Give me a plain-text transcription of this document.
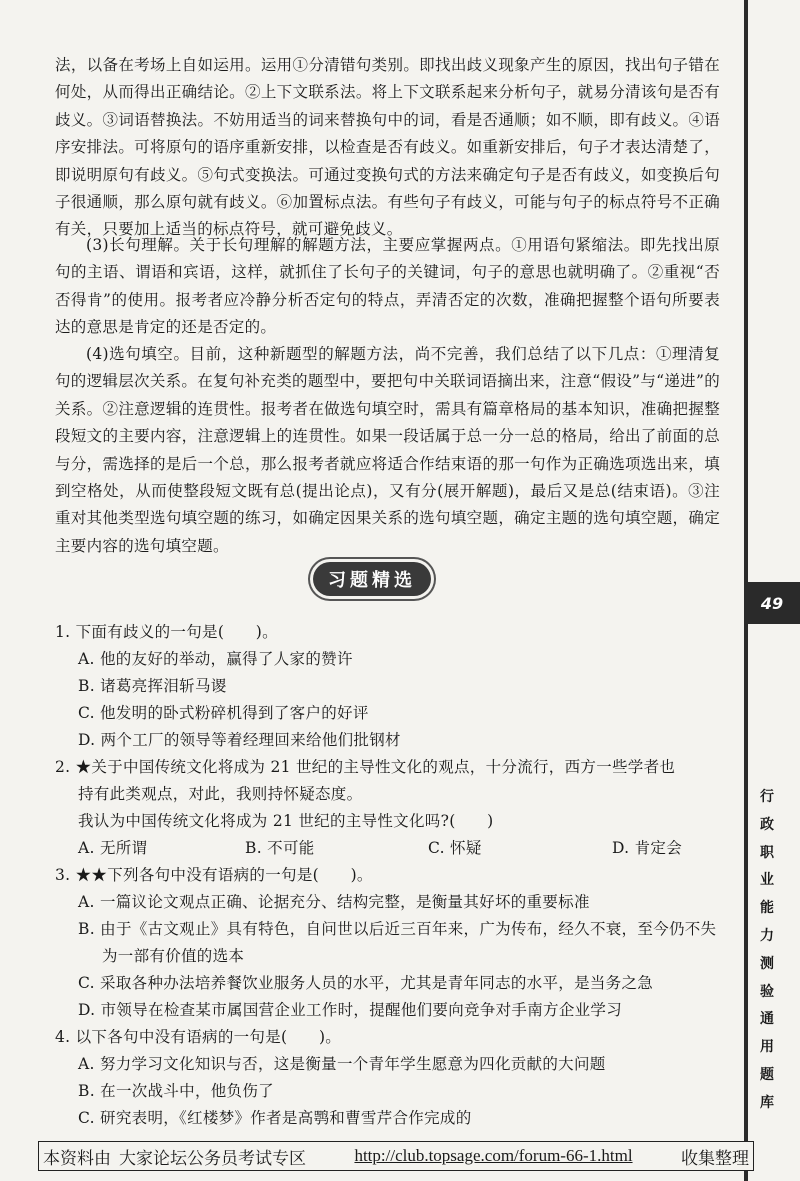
法，以备在考场上自如运用。运用①分清错句类别。即找出歧义现象产生的原因，找出句子错在何处，从而得出正确结论。②上下文联系法。将上下文联系起来分析句子，就易分清该句是否有歧义。③词语替换法。不妨用适当的词来替换句中的词，看是否通顺；如不顺，即有歧义。④语序安排法。可将原句的语序重新安排，以检查是否有歧义。如重新安排后，句子才表达清楚了，即说明原句有歧义。⑤句式变换法。可通过变换句式的方法来确定句子是否有歧义，如变换后句子很通顺，那么原句就有歧义。⑥加置标点法。有些句子有歧义，可能与句子的标点符号不正确有关，只要加上适当的标点符号，就可避免歧义。
(3)长句理解。关于长句理解的解题方法，主要应掌握两点。①用语句紧缩法。即先找出原句的主语、谓语和宾语，这样，就抓住了长句子的关键词，句子的意思也就明确了。②重视“否否得肯”的使用。报考者应冷静分析否定句的特点，弄清否定的次数，准确把握整个语句所要表达的意思是肯定的还是否定的。
(4)选句填空。目前，这种新题型的解题方法，尚不完善，我们总结了以下几点：①理清复句的逻辑层次关系。在复句补充类的题型中，要把句中关联词语摘出来，注意“假设”与“递进”的关系。②注意逻辑的连贯性。报考者在做选句填空时，需具有篇章格局的基本知识，准确把握整段短文的主要内容，注意逻辑上的连贯性。如果一段话属于总一分一总的格局，给出了前面的总与分，需选择的是后一个总，那么报考者就应将适合作结束语的那一句作为正确选项选出来，填到空格处，从而使整段短文既有总(提出论点)，又有分(展开解题)，最后又是总(结束语)。③注重对其他类型选句填空题的练习，如确定因果关系的选句填空题，确定主题的选句填空题，确定主要内容的选句填空题。
习题精选
1. 下面有歧义的一句是(　　)。
A. 他的友好的举动，赢得了人家的赞许
B. 诸葛亮挥泪斩马谡
C. 他发明的卧式粉碎机得到了客户的好评
D. 两个工厂的领导等着经理回来给他们批钢材
2. ★关于中国传统文化将成为 21 世纪的主导性文化的观点，十分流行，西方一些学者也
持有此类观点，对此，我则持怀疑态度。
我认为中国传统文化将成为 21 世纪的主导性文化吗?(　　)
A. 无所谓	B. 不可能	C. 怀疑	D. 肯定会
3. ★★下列各句中没有语病的一句是(　　)。
A. 一篇议论文观点正确、论据充分、结构完整，是衡量其好坏的重要标准
B. 由于《古文观止》具有特色，自问世以后近三百年来，广为传布，经久不衰，至今仍不失
为一部有价值的选本
C. 采取各种办法培养餐饮业服务人员的水平，尤其是青年同志的水平，是当务之急
D. 市领导在检查某市属国营企业工作时，提醒他们要向竞争对手南方企业学习
4. 以下各句中没有语病的一句是(　　)。
A. 努力学习文化知识与否，这是衡量一个青年学生愿意为四化贡献的大问题
B. 在一次战斗中，他负伤了
C. 研究表明，《红楼梦》作者是高鹗和曹雪芹合作完成的
49
行
政
职
业
能
力
测
验
通
用
题
库
本资料由 大家论坛公务员考试专区	http://club.topsage.com/forum-66-1.html	收集整理
